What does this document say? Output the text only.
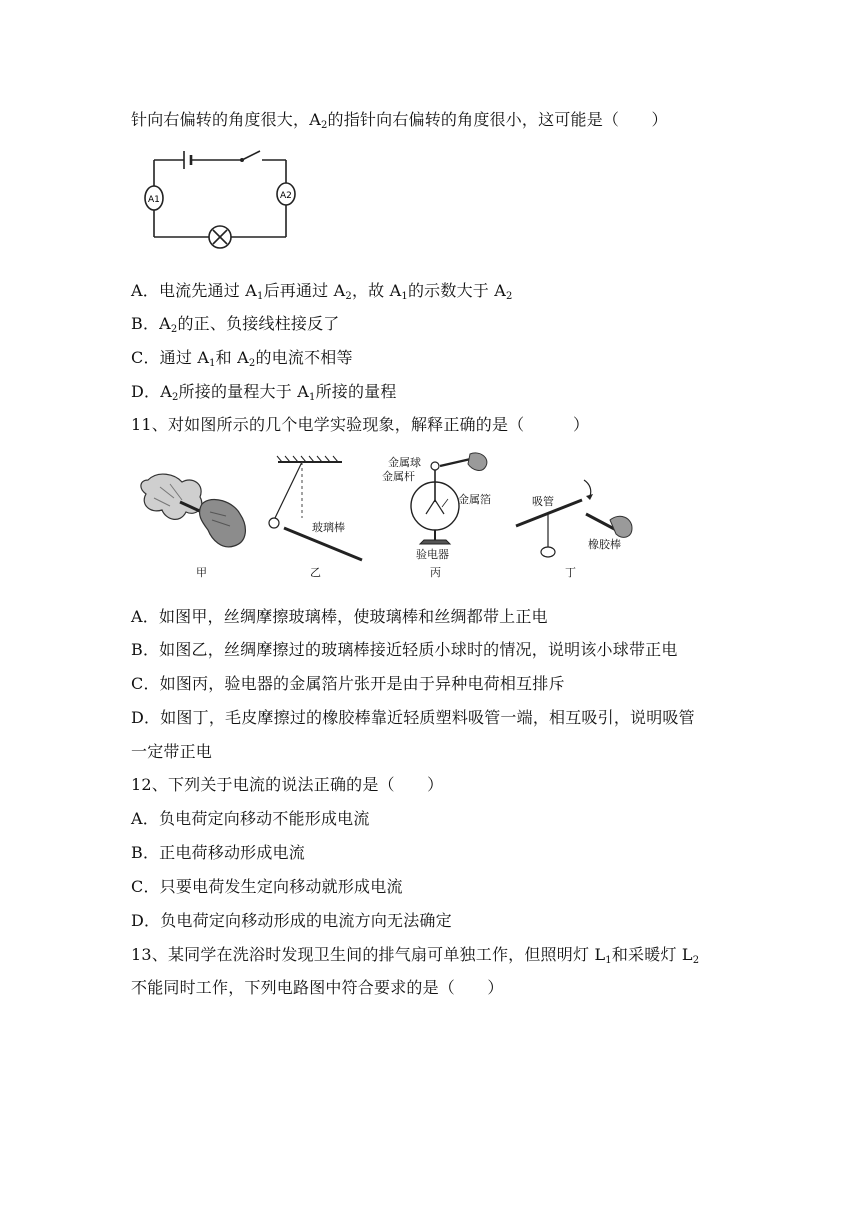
针向右偏转的角度很大，$A_2$的指针向右偏转的角度很小，这可能是（　　）
A1	A2
A．电流先通过 $A_1$后再通过 $A_2$，故 $A_1$的示数大于 $A_2$
B．$A_2$的正、负接线柱接反了
C．通过 $A_1$和 $A_2$的电流不相等
D．$A_2$所接的量程大于 $A_1$所接的量程
11、对如图所示的几个电学实验现象，解释正确的是（　　　）
甲
玻璃棒
乙
金属球
金属杆
金属箔
验电器
丙
吸管
橡胶棒
丁
A．如图甲，丝绸摩擦玻璃棒，使玻璃棒和丝绸都带上正电
B．如图乙，丝绸摩擦过的玻璃棒接近轻质小球时的情况，说明该小球带正电
C．如图丙，验电器的金属箔片张开是由于异种电荷相互排斥
D．如图丁，毛皮摩擦过的橡胶棒靠近轻质塑料吸管一端，相互吸引，说明吸管
一定带正电
12、下列关于电流的说法正确的是（　　）
A．负电荷定向移动不能形成电流
B．正电荷移动形成电流
C．只要电荷发生定向移动就形成电流
D．负电荷定向移动形成的电流方向无法确定
13、某同学在洗浴时发现卫生间的排气扇可单独工作，但照明灯 $L_1$和采暖灯 $L_2$
不能同时工作，下列电路图中符合要求的是（　　）
